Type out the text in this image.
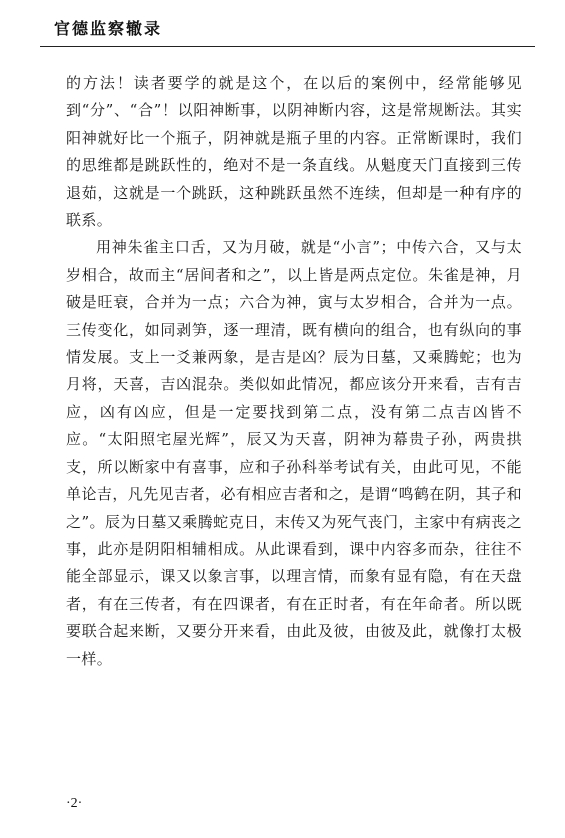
官德监察辙录

的方法！读者要学的就是这个，在以后的案例中，经常能够见到“分”、“合”！以阳神断事，以阴神断内容，这是常规断法。其实阳神就好比一个瓶子，阴神就是瓶子里的内容。正常断课时，我们的思维都是跳跃性的，绝对不是一条直线。从魁度天门直接到三传退茹，这就是一个跳跃，这种跳跃虽然不连续，但却是一种有序的联系。

用神朱雀主口舌，又为月破，就是“小言”；中传六合，又与太岁相合，故而主“居间者和之”，以上皆是两点定位。朱雀是神，月破是旺衰，合并为一点；六合为神，寅与太岁相合，合并为一点。三传变化，如同剥笋，逐一理清，既有横向的组合，也有纵向的事情发展。支上一爻兼两象，是吉是凶？辰为日墓，又乘腾蛇；也为月将，天喜，吉凶混杂。类似如此情况，都应该分开来看，吉有吉应，凶有凶应，但是一定要找到第二点，没有第二点吉凶皆不应。“太阳照宅屋光辉”，辰又为天喜，阴神为幕贵子孙，两贵拱支，所以断家中有喜事，应和子孙科举考试有关，由此可见，不能单论吉，凡先见吉者，必有相应吉者和之，是谓“鸣鹤在阴，其子和之”。辰为日墓又乘腾蛇克日，末传又为死气丧门，主家中有病丧之事，此亦是阴阳相辅相成。从此课看到，课中内容多而杂，往往不能全部显示，课又以象言事，以理言情，而象有显有隐，有在天盘者，有在三传者，有在四课者，有在正时者，有在年命者。所以既要联合起来断，又要分开来看，由此及彼，由彼及此，就像打太极一样。

·2·
